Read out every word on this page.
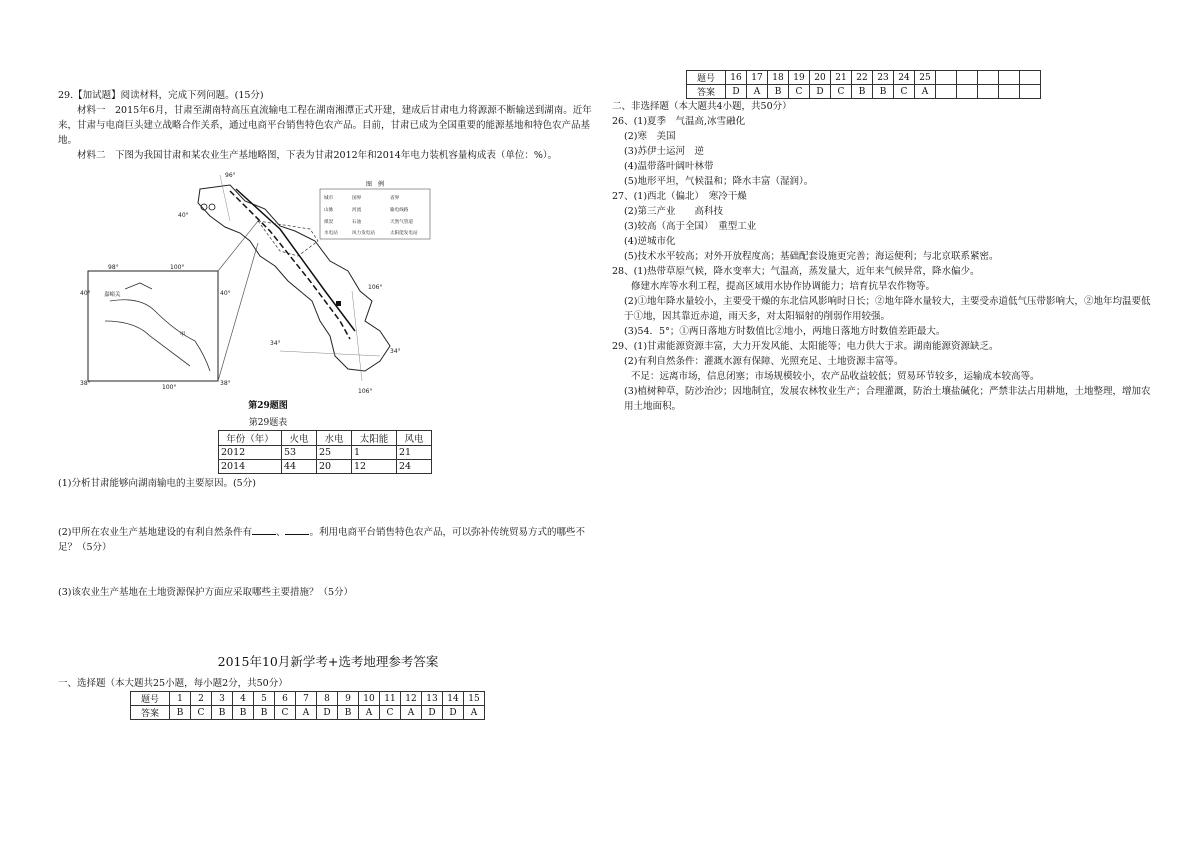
29.【加试题】阅读材料，完成下列问题。(15分)

材料一　2015年6月，甘肃至湖南特高压直流输电工程在湖南湘潭正式开建，建成后甘肃电力将源源不断输送到湖南。近年来，甘肃与电商巨头建立战略合作关系，通过电商平台销售特色农产品。目前，甘肃已成为全国重要的能源基地和特色农产品基地。

材料二　下图为我国甘肃和某农业生产基地略图，下表为甘肃2012年和2014年电力装机容量构成表（单位：%）。

图　例
城市	国界	省界
山脉	河流	输电线路
煤炭	石油	天然气管道
水电站	风力发电站	太阳能发电站
96°
40°
100°
98°
40°	40°
106°
34°
34°
106°
38°
100°
38°
嘉峪关
甲
第29题图
第29题表
年份（年）	火电	水电	太阳能	风电
2012	53	25	1	21
2014	44	20	12	24

(1)分析甘肃能够向湖南输电的主要原因。(5分)

(2)甲所在农业生产基地建设的有利自然条件有	、	。利用电商平台销售特色农产品，可以弥补传统贸易方式的哪些不足？（5分）

(3)该农业生产基地在土地资源保护方面应采取哪些主要措施？（5分）

2015年10月新学考+选考地理参考答案

一、选择题（本大题共25小题，每小题2分，共50分）

题号	1	2	3	4	5	6	7	8	9	10	11	12	13	14	15
答案	B	C	B	B	B	C	A	D	B	A	C	A	D	D	A
题号	16	17	18	19	20	21	22	23	24	25					
答案	D	A	B	C	D	C	B	B	C	A					

二、非选择题（本大题共4小题，共50分）

26、(1)夏季　气温高,冰雪融化

(2)寒　美国

(3)苏伊士运河　逆

(4)温带落叶阔叶林带

(5)地形平坦，气候温和；降水丰富（湿润）。

27、(1)西北（偏北）　寒冷干燥

(2)第三产业　　高科技

(3)较高（高于全国）　重型工业

(4)逆城市化

(5)技术水平较高；对外开放程度高；基础配套设施更完善；海运便利；与北京联系紧密。

28、(1)热带草原气候，降水变率大；气温高，蒸发量大，近年来气候异常，降水偏少。

修建水库等水利工程，提高区域用水协作协调能力；培育抗旱农作物等。

(2)①地年降水量较小，主要受干燥的东北信风影响时日长；②地年降水量较大，主要受赤道低气压带影响大，②地年均温要低于①地，因其靠近赤道，雨天多，对太阳辐射的削弱作用较强。

(3)54．5°；①两日落地方时数值比②地小，两地日落地方时数值差距最大。

29、(1)甘肃能源资源丰富，大力开发风能、太阳能等；电力供大于求。湖南能源资源缺乏。

(2)有利自然条件：灌溉水源有保障、光照充足、土地资源丰富等。

不足：远离市场，信息闭塞；市场规模较小，农产品收益较低；贸易环节较多，运输成本较高等。

(3)植树种草，防沙治沙；因地制宜，发展农林牧业生产；合理灌溉，防治土壤盐碱化；严禁非法占用耕地，土地整理，增加农用土地面积。
